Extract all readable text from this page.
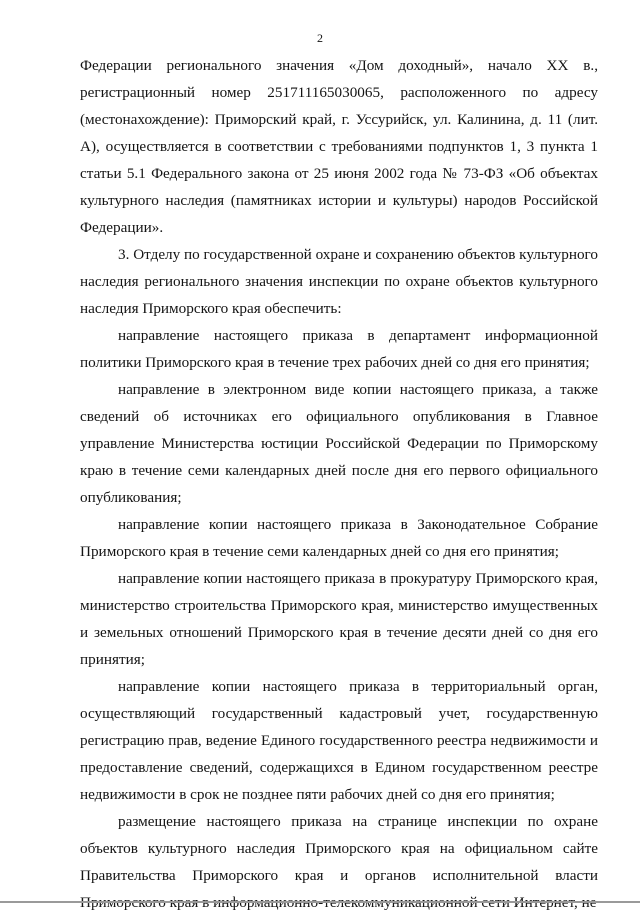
2

Федерации регионального значения «Дом доходный», начало XX в., регистрационный номер 251711165030065, расположенного по адресу (местонахождение): Приморский край, г. Уссурийск, ул. Калинина, д. 11 (лит. А), осуществляется в соответствии с требованиями подпунктов 1, 3 пункта 1 статьи 5.1 Федерального закона от 25 июня 2002 года № 73-ФЗ «Об объектах культурного наследия (памятниках истории и культуры) народов Российской Федерации».

3. Отделу по государственной охране и сохранению объектов культурного наследия регионального значения инспекции по охране объектов культурного наследия Приморского края обеспечить:

направление настоящего приказа в департамент информационной политики Приморского края в течение трех рабочих дней со дня его принятия;

направление в электронном виде копии настоящего приказа, а также сведений об источниках его официального опубликования в Главное управление Министерства юстиции Российской Федерации по Приморскому краю в течение семи календарных дней после дня его первого официального опубликования;

направление копии настоящего приказа в Законодательное Собрание Приморского края в течение семи календарных дней со дня его принятия;

направление копии настоящего приказа в прокуратуру Приморского края, министерство строительства Приморского края, министерство имущественных и земельных отношений Приморского края в течение десяти дней со дня его принятия;

направление копии настоящего приказа в территориальный орган, осуществляющий государственный кадастровый учет, государственную регистрацию прав, ведение Единого государственного реестра недвижимости и предоставление сведений, содержащихся в Едином государственном реестре недвижимости в срок не позднее пяти рабочих дней со дня его принятия;

размещение настоящего приказа на странице инспекции по охране объектов культурного наследия Приморского края на официальном сайте Правительства Приморского края и органов исполнительной власти
